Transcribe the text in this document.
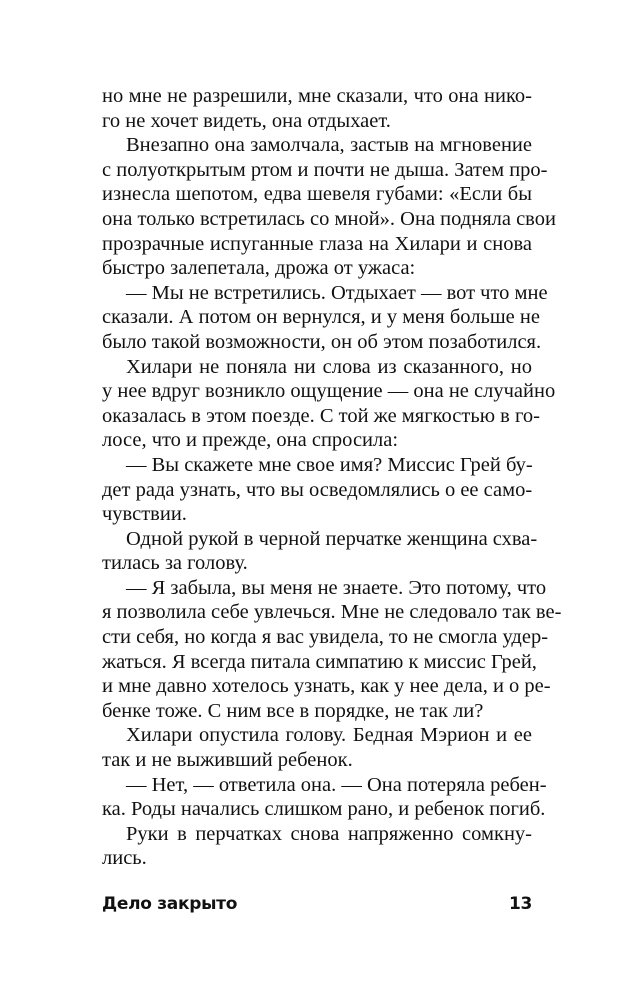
но мне не разрешили, мне сказали, что она нико-
го не хочет видеть, она отдыхает.
Внезапно она замолчала, застыв на мгновение
с полуоткрытым ртом и почти не дыша. Затем про-
изнесла шепотом, едва шевеля губами: «Если бы
она только встретилась со мной». Она подняла свои
прозрачные испуганные глаза на Хилари и снова
быстро залепетала, дрожа от ужаса:
— Мы не встретились. Отдыхает — вот что мне
сказали. А потом он вернулся, и у меня больше не
было такой возможности, он об этом позаботился.
Хилари не поняла ни слова из сказанного, но
у нее вдруг возникло ощущение — она не случайно
оказалась в этом поезде. С той же мягкостью в го-
лосе, что и прежде, она спросила:
— Вы скажете мне свое имя? Миссис Грей бу-
дет рада узнать, что вы осведомлялись о ее само-
чувствии.
Одной рукой в черной перчатке женщина схва-
тилась за голову.
— Я забыла, вы меня не знаете. Это потому, что
я позволила себе увлечься. Мне не следовало так ве-
сти себя, но когда я вас увидела, то не смогла удер-
жаться. Я всегда питала симпатию к миссис Грей,
и мне давно хотелось узнать, как у нее дела, и о ре-
бенке тоже. С ним все в порядке, не так ли?
Хилари опустила голову. Бедная Мэрион и ее
так и не выживший ребенок.
— Нет, — ответила она. — Она потеряла ребен-
ка. Роды начались слишком рано, и ребенок погиб.
Руки в перчатках снова напряженно сомкну-
лись.
Дело закрыто	13
